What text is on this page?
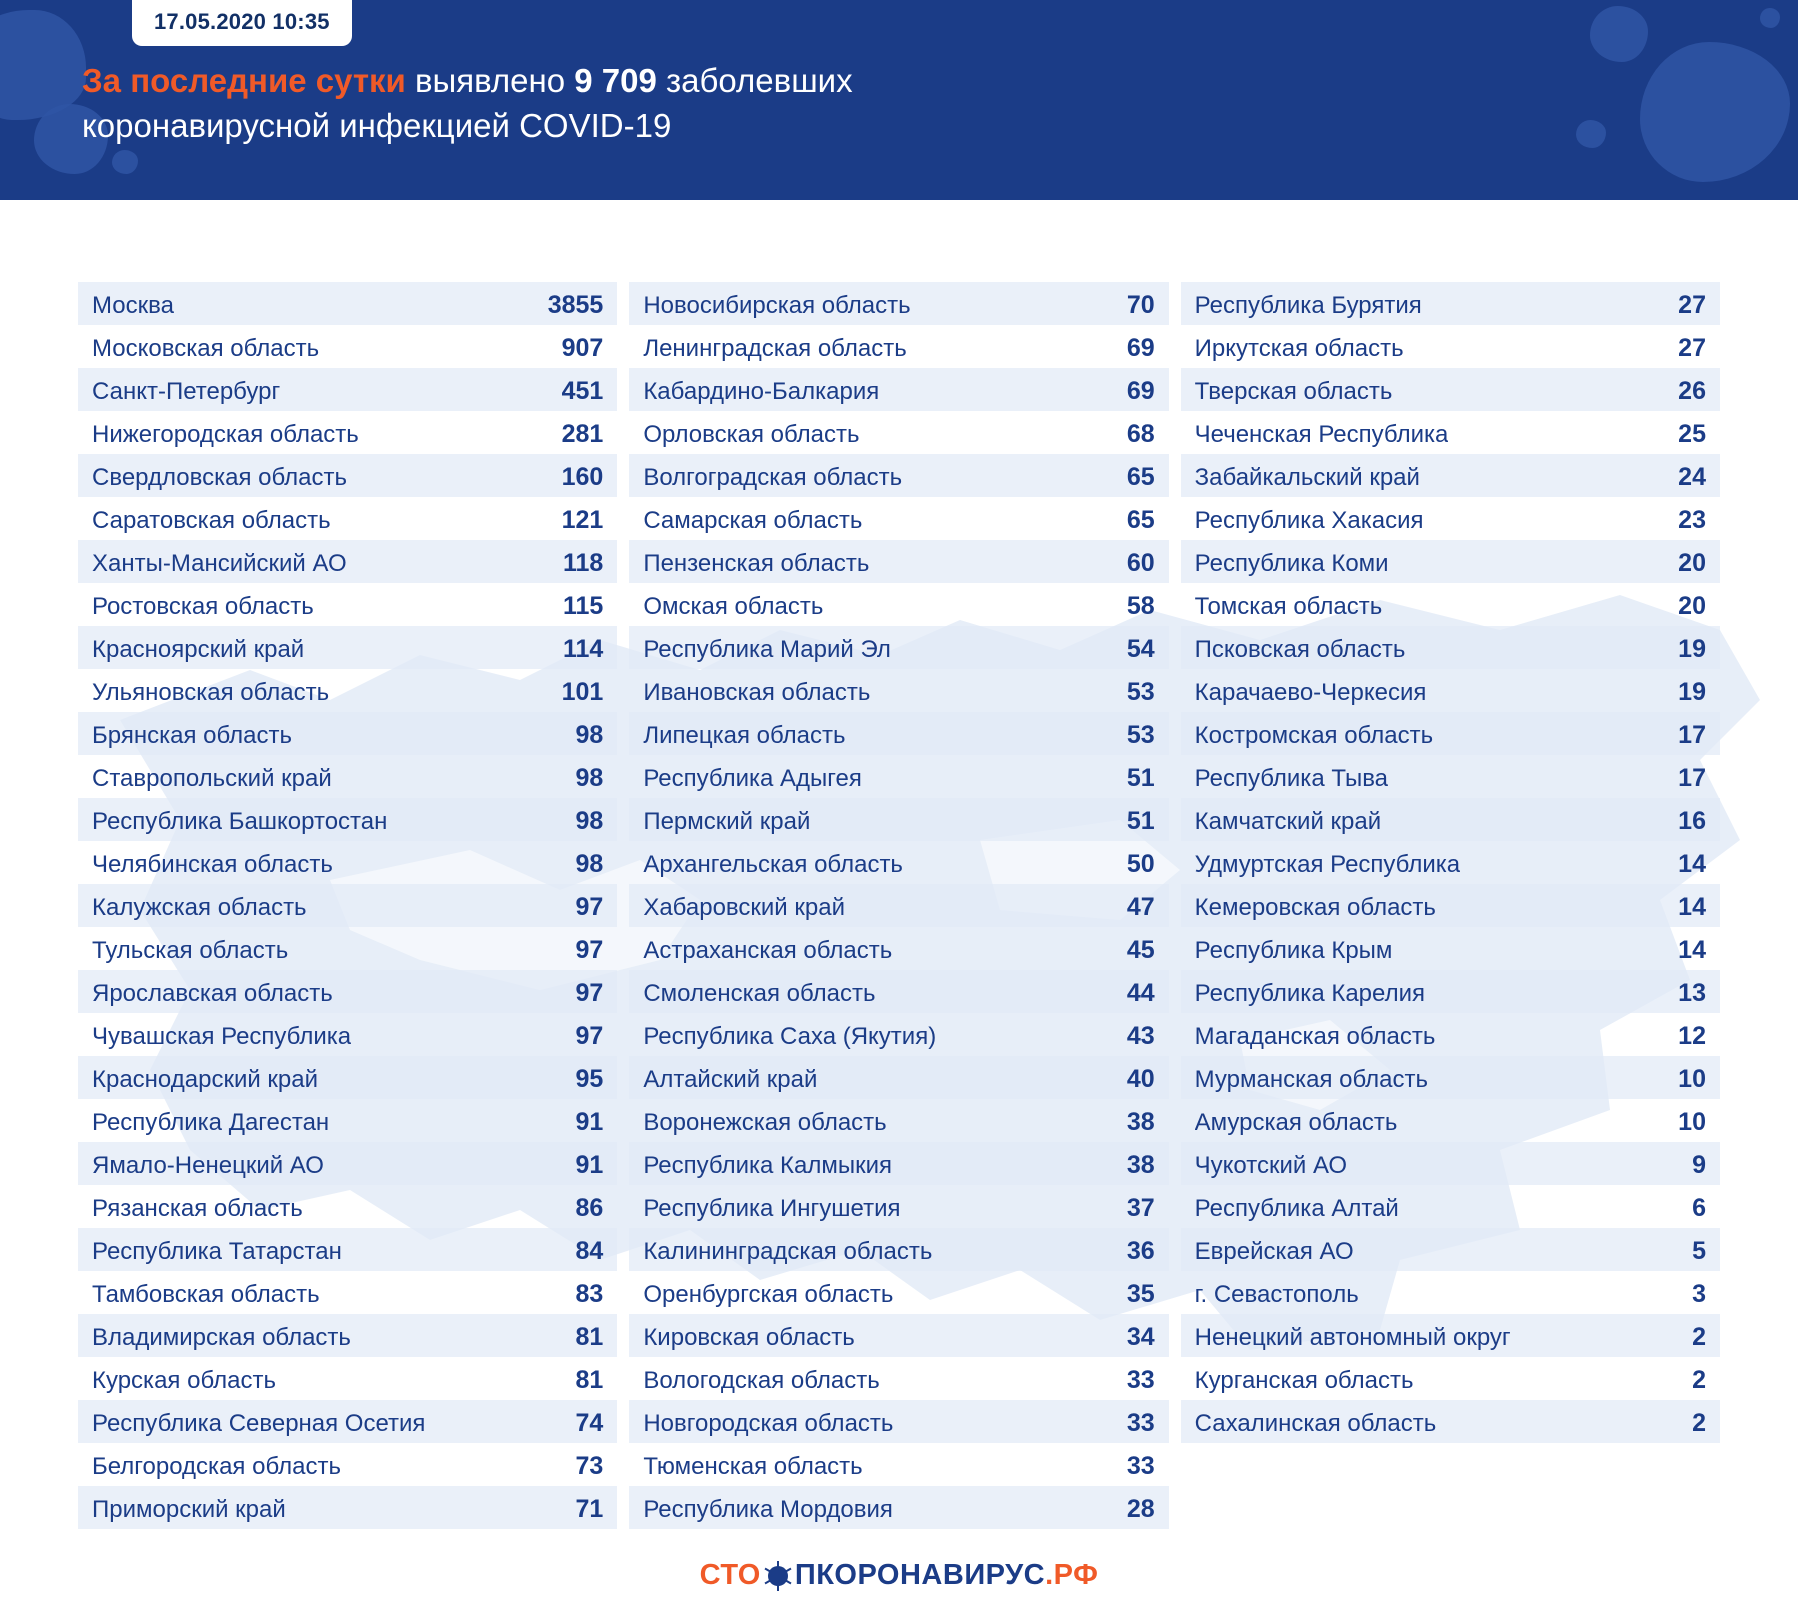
17.05.2020 10:35
За последние сутки выявлено 9 709 заболевших
коронавирусной инфекцией COVID-19
Москва	3855
Московская область	907
Санкт-Петербург	451
Нижегородская область	281
Свердловская область	160
Саратовская область	121
Ханты-Мансийский АО	118
Ростовская область	115
Красноярский край	114
Ульяновская область	101
Брянская область	98
Ставропольский край	98
Республика Башкортостан	98
Челябинская область	98
Калужская область	97
Тульская область	97
Ярославская область	97
Чувашская Республика	97
Краснодарский край	95
Республика Дагестан	91
Ямало-Ненецкий АО	91
Рязанская область	86
Республика Татарстан	84
Тамбовская область	83
Владимирская область	81
Курская область	81
Республика Северная Осетия	74
Белгородская область	73
Приморский край	71
Новосибирская область	70
Ленинградская область	69
Кабардино-Балкария	69
Орловская область	68
Волгоградская область	65
Самарская область	65
Пензенская область	60
Омская область	58
Республика Марий Эл	54
Ивановская область	53
Липецкая область	53
Республика Адыгея	51
Пермский край	51
Архангельская область	50
Хабаровский край	47
Астраханская область	45
Смоленская область	44
Республика Саха (Якутия)	43
Алтайский край	40
Воронежская область	38
Республика Калмыкия	38
Республика Ингушетия	37
Калининградская область	36
Оренбургская область	35
Кировская область	34
Вологодская область	33
Новгородская область	33
Тюменская область	33
Республика Мордовия	28
Республика Бурятия	27
Иркутская область	27
Тверская область	26
Чеченская Республика	25
Забайкальский край	24
Республика Хакасия	23
Республика Коми	20
Томская область	20
Псковская область	19
Карачаево-Черкесия	19
Костромская область	17
Республика Тыва	17
Камчатский край	16
Удмуртская Республика	14
Кемеровская область	14
Республика Крым	14
Республика Карелия	13
Магаданская область	12
Мурманская область	10
Амурская область	10
Чукотский АО	9
Республика Алтай	6
Еврейская АО	5
г. Севастополь	3
Ненецкий автономный округ	2
Курганская область	2
Сахалинская область	2
СТО ПКОРОНАВИРУС .РФ
